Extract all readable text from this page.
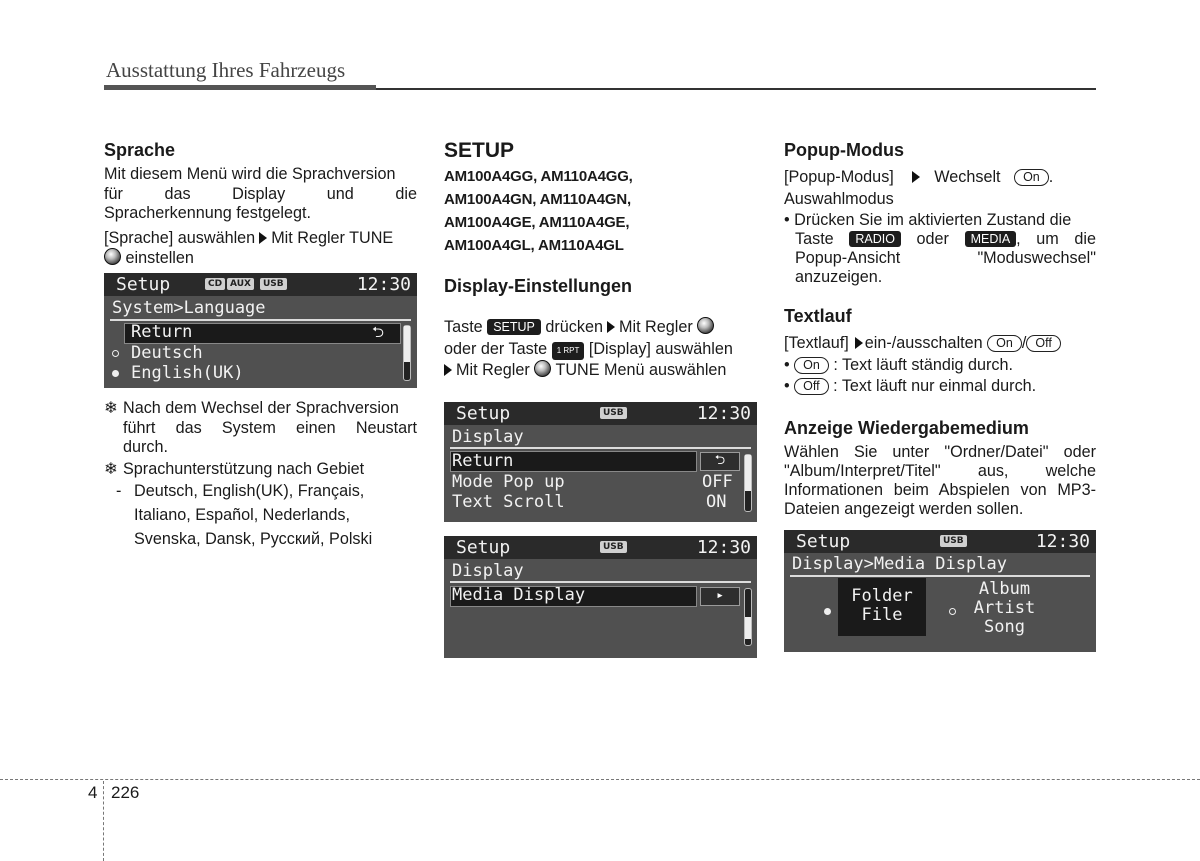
Ausstattung Ihres Fahrzeugs
Sprache

Mit diesem Menü wird die Sprachversion

für das Display und die

Spracherkennung festgelegt.

[Sprache] auswählen Mit Regler TUNE
einstellen

Setup	CD AUX	USB	12:30
System>Language
Return	⮌
Deutsch
English(UK)

❄ Nach dem Wechsel der Sprachversion
führt das System einen Neustart
durch.

❄ Sprachunterstützung nach Gebiet

- Deutsch, English(UK), Français,
Italiano, Español, Nederlands,
Svenska, Dansk, Русский, Polski
SETUP
AM100A4GG, AM110A4GG,
AM100A4GN, AM110A4GN,
AM100A4GE, AM110A4GE,
AM100A4GL, AM110A4GL
Display-Einstellungen
Taste SETUP drücken Mit Regler
oder der Taste 1 RPT [Display] auswählen
Mit Regler TUNE Menü auswählen
Setup	USB	12:30
Display
Return	⮌
Mode Pop up	OFF
Text Scroll	ON
Setup	USB	12:30
Display
Media Display	▸
Popup-Modus

[Popup-Modus]	Wechselt On .
Auswahlmodus

• Drücken Sie im aktivierten Zustand die
Taste RADIO oder MEDIA , um die
Popup-Ansicht	"Moduswechsel"
anzuzeigen.
Textlauf
[Textlauf] ein-/ausschalten On / Off
• On : Text läuft ständig durch.
• Off : Text läuft nur einmal durch.
Anzeige Wiedergabemedium
Wählen Sie unter "Ordner/Datei" oder
"Album/Interpret/Titel" aus, welche
Informationen beim Abspielen von MP3-
Dateien angezeigt werden sollen.
Setup	USB	12:30
Display>Media Display
Folder
File
Album
Artist
Song
4 226
